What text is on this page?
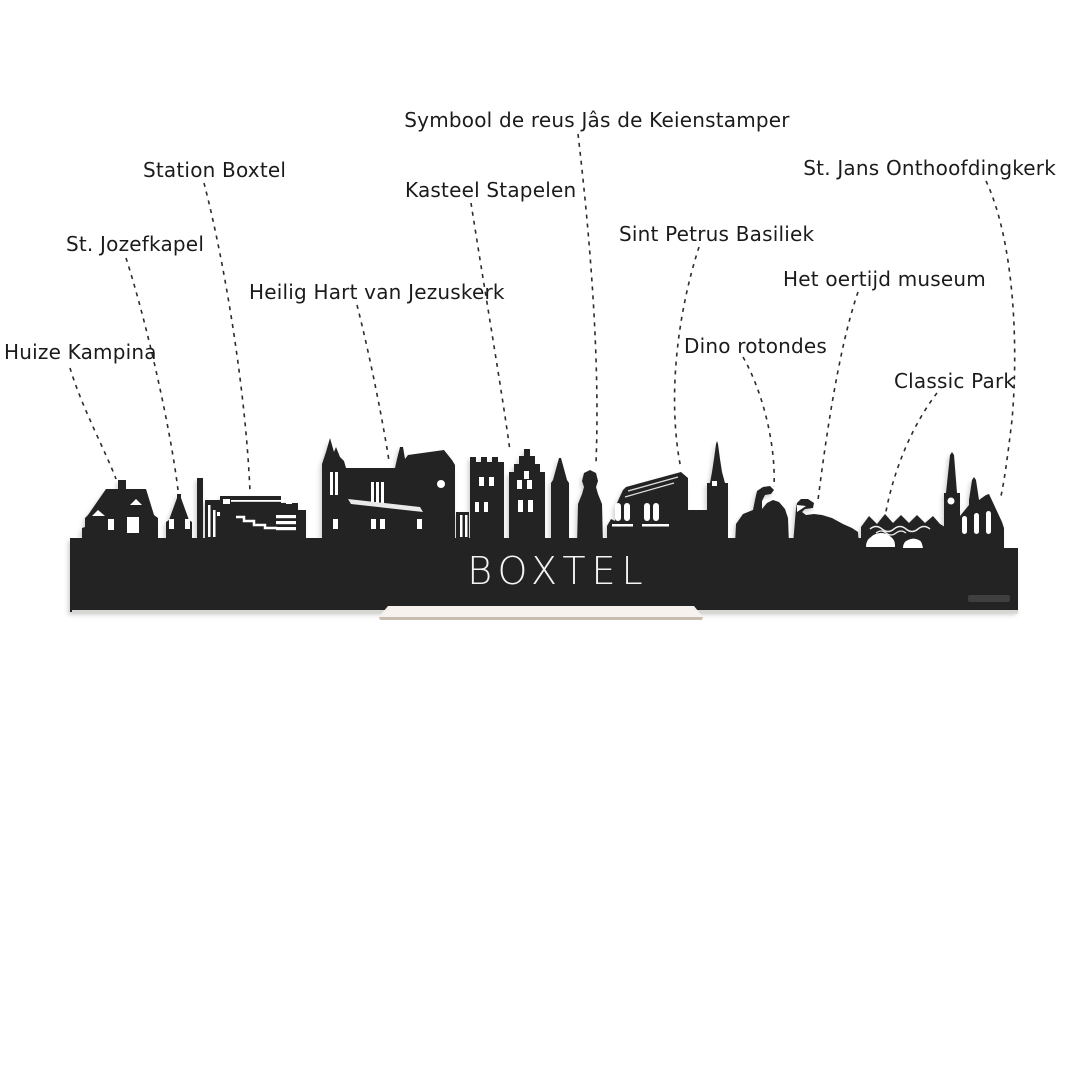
BOXTEL
Symbool de reus Jâs de Keienstamper
Station Boxtel	St. Jans Onthoofdingkerk
Kasteel Stapelen
St. Jozefkapel	Sint Petrus Basiliek
Het oertijd museum
Heilig Hart van Jezuskerk
Dino rotondes
Huize Kampina
Classic Park
